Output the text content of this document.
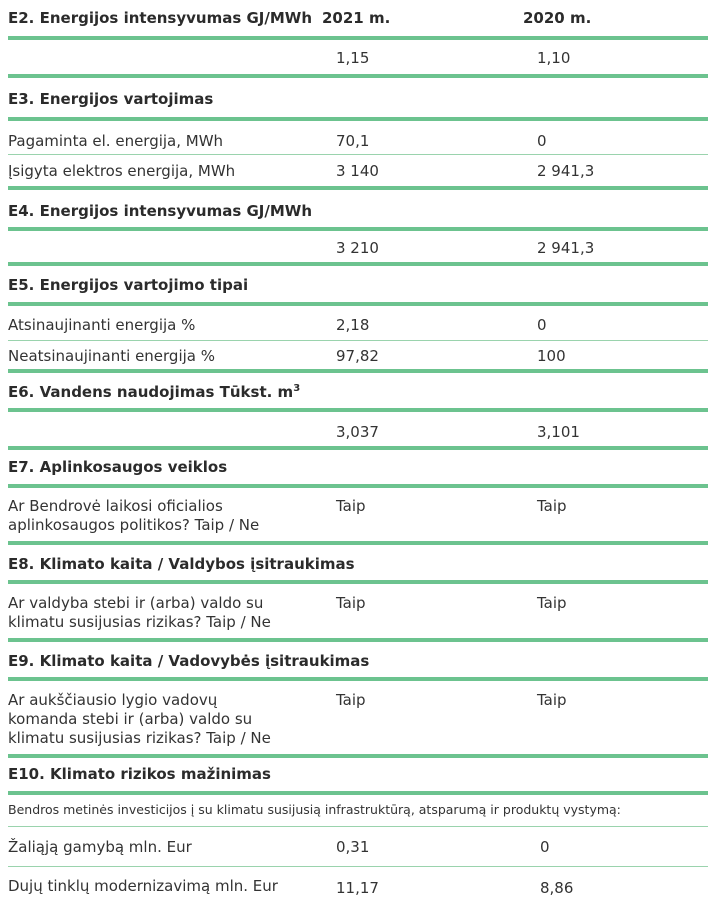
E2. Energijos intensyvumas GJ/MWh 2021 m.	2020 m.
1,15	1,10
E3. Energijos vartojimas
Pagaminta el. energija, MWh	70,1	0
Įsigyta elektros energija, MWh	3 140	2 941,3
E4. Energijos intensyvumas GJ/MWh
3 210	2 941,3
E5. Energijos vartojimo tipai
Atsinaujinanti energija %	2,18	0
Neatsinaujinanti energija %	97,82	100
E6. Vandens naudojimas Tūkst. $m^3$
3,037	3,101
E7. Aplinkosaugos veiklos
Ar Bendrovė laikosi oficialios
aplinkosaugos politikos? Taip / Ne
Taip	Taip
E8. Klimato kaita / Valdybos įsitraukimas
Ar valdyba stebi ir (arba) valdo su
klimatu susijusias rizikas? Taip / Ne
Taip	Taip
E9. Klimato kaita / Vadovybės įsitraukimas
Ar aukščiausio lygio vadovų
komanda stebi ir (arba) valdo su
klimatu susijusias rizikas? Taip / Ne
Taip	Taip
E10. Klimato rizikos mažinimas
Bendros metinės investicijos į su klimatu susijusią infrastruktūrą, atsparumą ir produktų vystymą:
Žaliąją gamybą mln. Eur	0,31	0
Dujų tinklų modernizavimą mln. Eur	11,17	8,86
